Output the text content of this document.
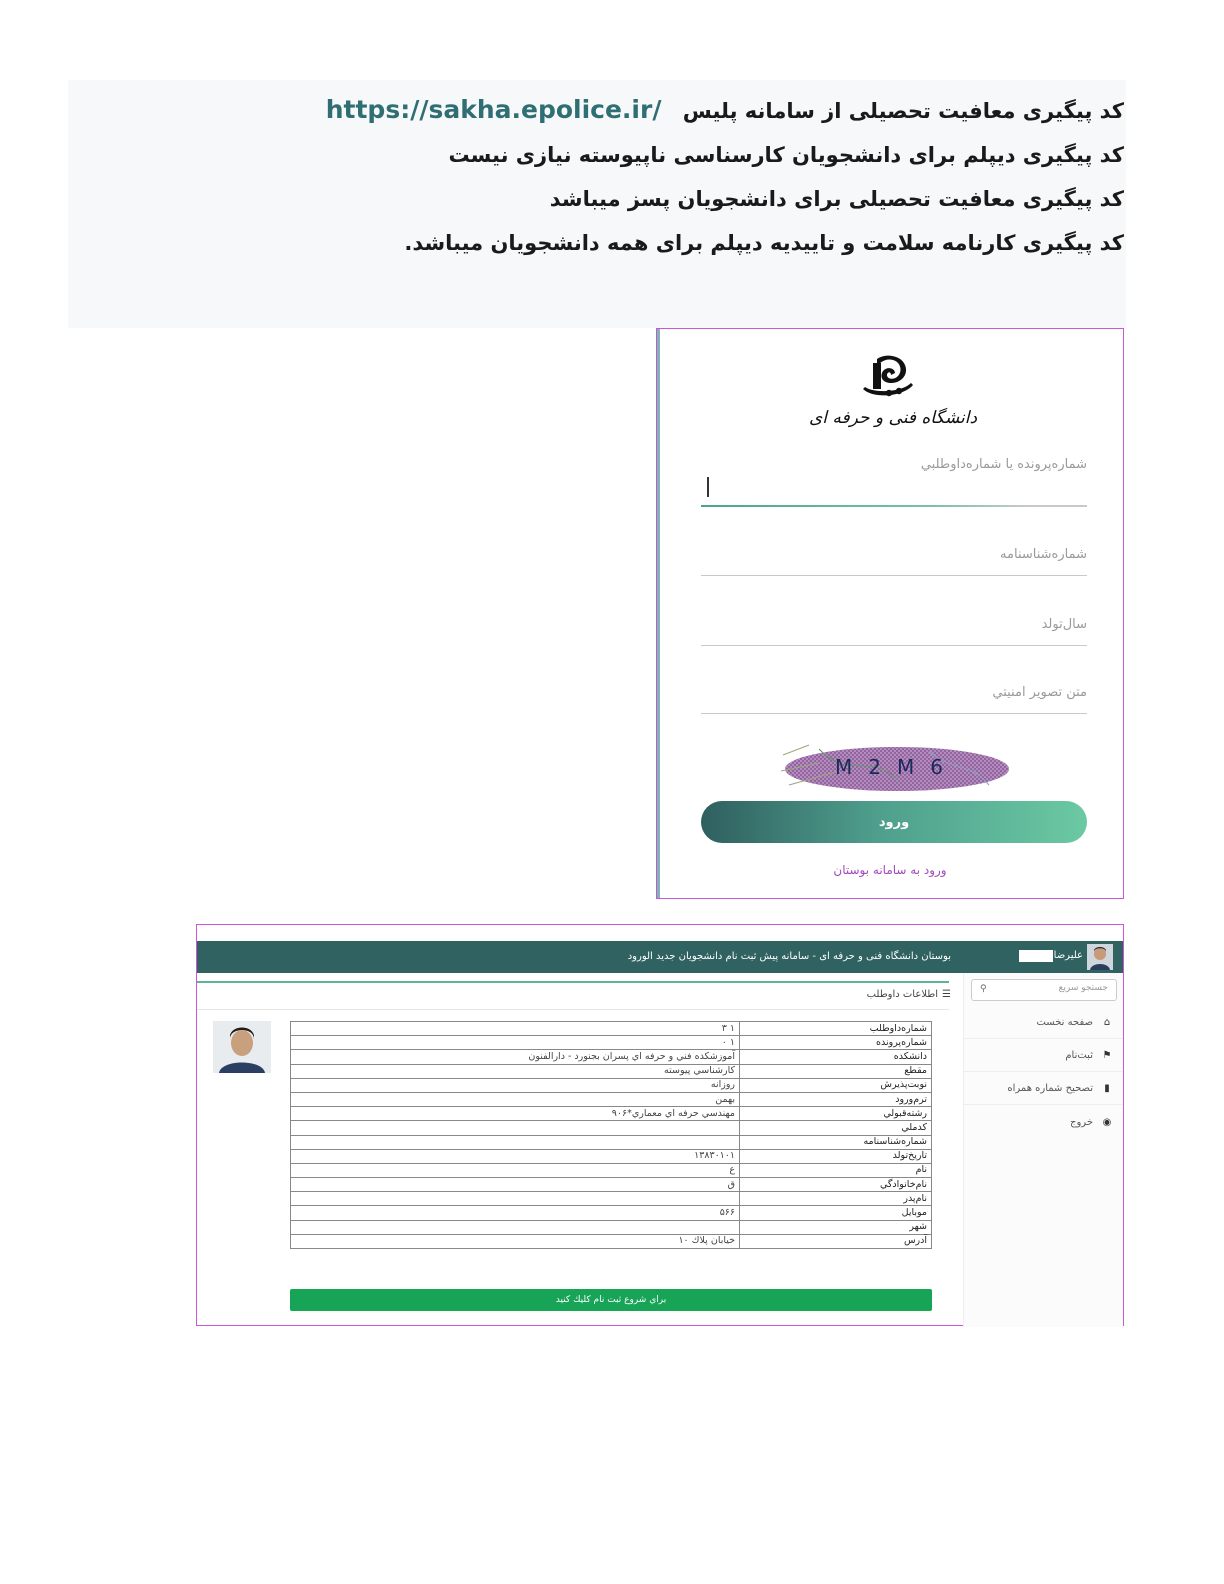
کد پیگیری معافیت تحصیلی از سامانه پلیس https://sakha.epolice.ir/
کد پیگیری دیپلم برای دانشجویان کارسناسی ناپیوسته نیازی نیست
کد پیگیری معافیت تحصیلی برای دانشجویان پسز میباشد
کد پیگیری کارنامه سلامت و تاییدیه دیپلم برای همه دانشجویان میباشد.
دانشگاه فنی و حرفه ای
شماره‌پرونده يا شماره‌داوطلبي
شماره‌شناسنامه
سال‌تولد
متن تصوير امنيتي
M2M6
ورود
ورود به سامانه بوستان
علیرضا
بوستان دانشگاه فنی و حرفه ای - سامانه پیش ثبت نام دانشجویان جدید الورود
جستجو سريع
⚲
⌂
صفحه نخست
⚑
ثبت‌نام
▮
تصحیح شماره همراه
◉
خروج
☰
اطلاعات داوطلب
شماره‌داوطلب	۱ ۳
شماره‌پرونده	۱ ۰
دانشكده	آموزشکده فني و حرفه اي پسران بجنورد - دارالفنون
مقطع	كارشناسي پيوسته
نوبت‌پذيرش	روزانه
ترم‌ورود	بهمن
رشته‌قبولي	مهندسي حرفه اي معماري*۹۰۶
كدملي	
شماره‌شناسنامه	
تاريخ‌تولد	۱۳۸۳۰۱۰۱
نام	ع
نام‌خانوادگي	ق
نام‌پدر	
موبايل	۵۶۶
شهر	
آدرس	خيابان پلاك ۱۰
براي شروع ثبت نام كليك كنيد
